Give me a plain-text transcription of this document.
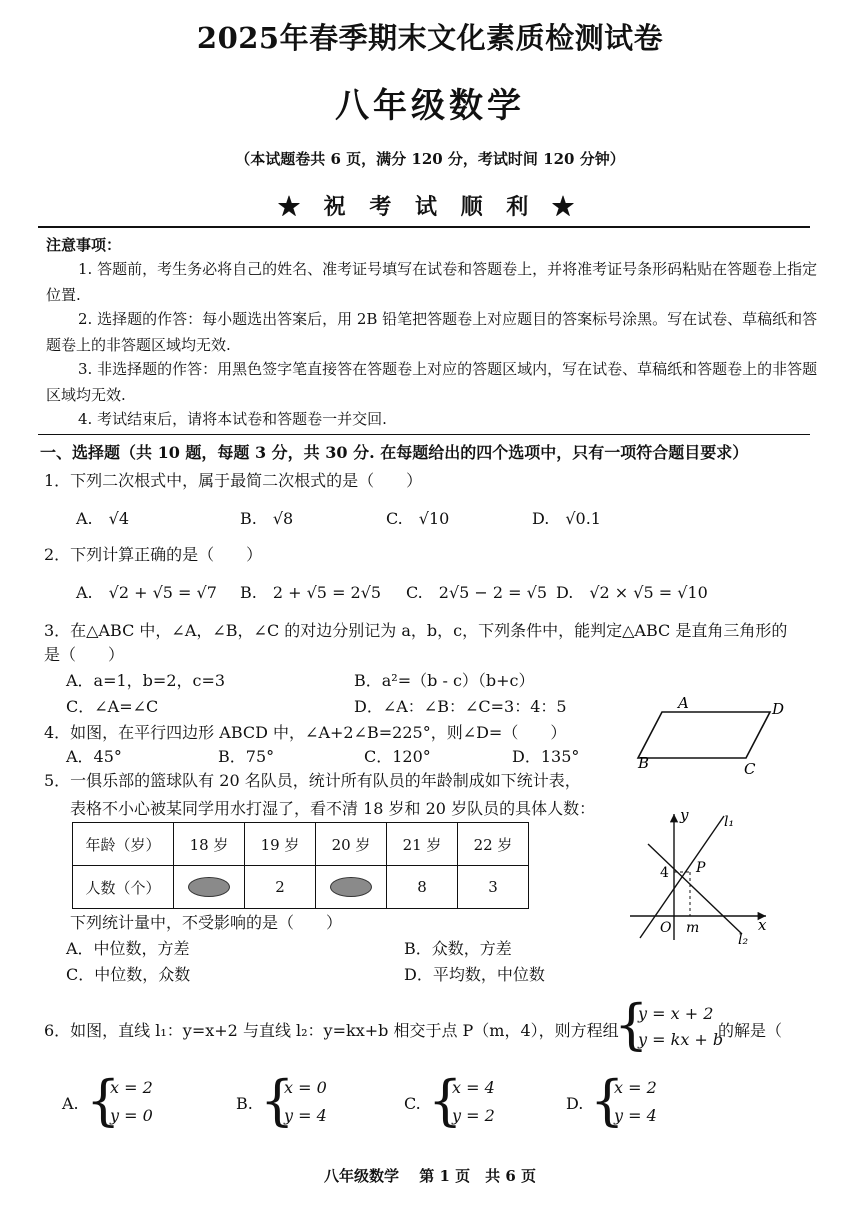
2025年春季期末文化素质检测试卷
八年级数学
（本试题卷共 6 页，满分 120 分，考试时间 120 分钟）
★ 祝 考 试 顺 利 ★
注意事项：
1. 答题前，考生务必将自己的姓名、准考证号填写在试卷和答题卷上，并将准考证号条形码粘贴在答题卷上指定位置.
2. 选择题的作答：每小题选出答案后，用 2B 铅笔把答题卷上对应题目的答案标号涂黑。写在试卷、草稿纸和答题卷上的非答题区域均无效.
3. 非选择题的作答：用黑色签字笔直接答在答题卷上对应的答题区域内，写在试卷、草稿纸和答题卷上的非答题区域均无效.
4. 考试结束后，请将本试卷和答题卷一并交回.
一、选择题（共 10 题，每题 3 分，共 30 分. 在每题给出的四个选项中，只有一项符合题目要求）
1．下列二次根式中，属于最简二次根式的是（　　）
A.　√4	B.　√8	C.　√10	D.　√0.1
2．下列计算正确的是（　　）
A.　√2 + √5 = √7 B.　2 + √5 = 2√5 C.　2√5 − 2 = √5 D.　√2 × √5 = √10
3．在△ABC 中，∠A，∠B，∠C 的对边分别记为 a，b，c，下列条件中，能判定△ABC 是直角三角形的
是（　　）
A．a=1，b=2，c=3	B．a²=（b - c）（b+c）
C．∠A=∠C	D．∠A：∠B：∠C=3：4：5
4．如图，在平行四边形 ABCD 中，∠A+2∠B=225°，则∠D=（　　）
A．45°	B．75°	C．120°	D．135°
A	D
B	C
5．一俱乐部的篮球队有 20 名队员，统计所有队员的年龄制成如下统计表，
表格不小心被某同学用水打湿了，看不清 18 岁和 20 岁队员的具体人数：
年龄（岁）	18 岁	19 岁	20 岁	21 岁	22 岁
人数（个）		2		8	3
下列统计量中，不受影响的是（　　）
A．中位数，方差	B．众数，方差
C．中位数，众数	D．平均数，中位数
y	l₁
4 P
O m	x
l₂
6．如图，直线 l₁：y=x+2 与直线 l₂：y=kx+b 相交于点 P（m，4），则方程组
{
y = x + 2
y = kx + b
的解是（
A. {
x = 2
y = 0
B. {
x = 0
y = 4
C. {
x = 4
y = 2
D. {
x = 2
y = 4
八年级数学　 第 1 页　共 6 页
